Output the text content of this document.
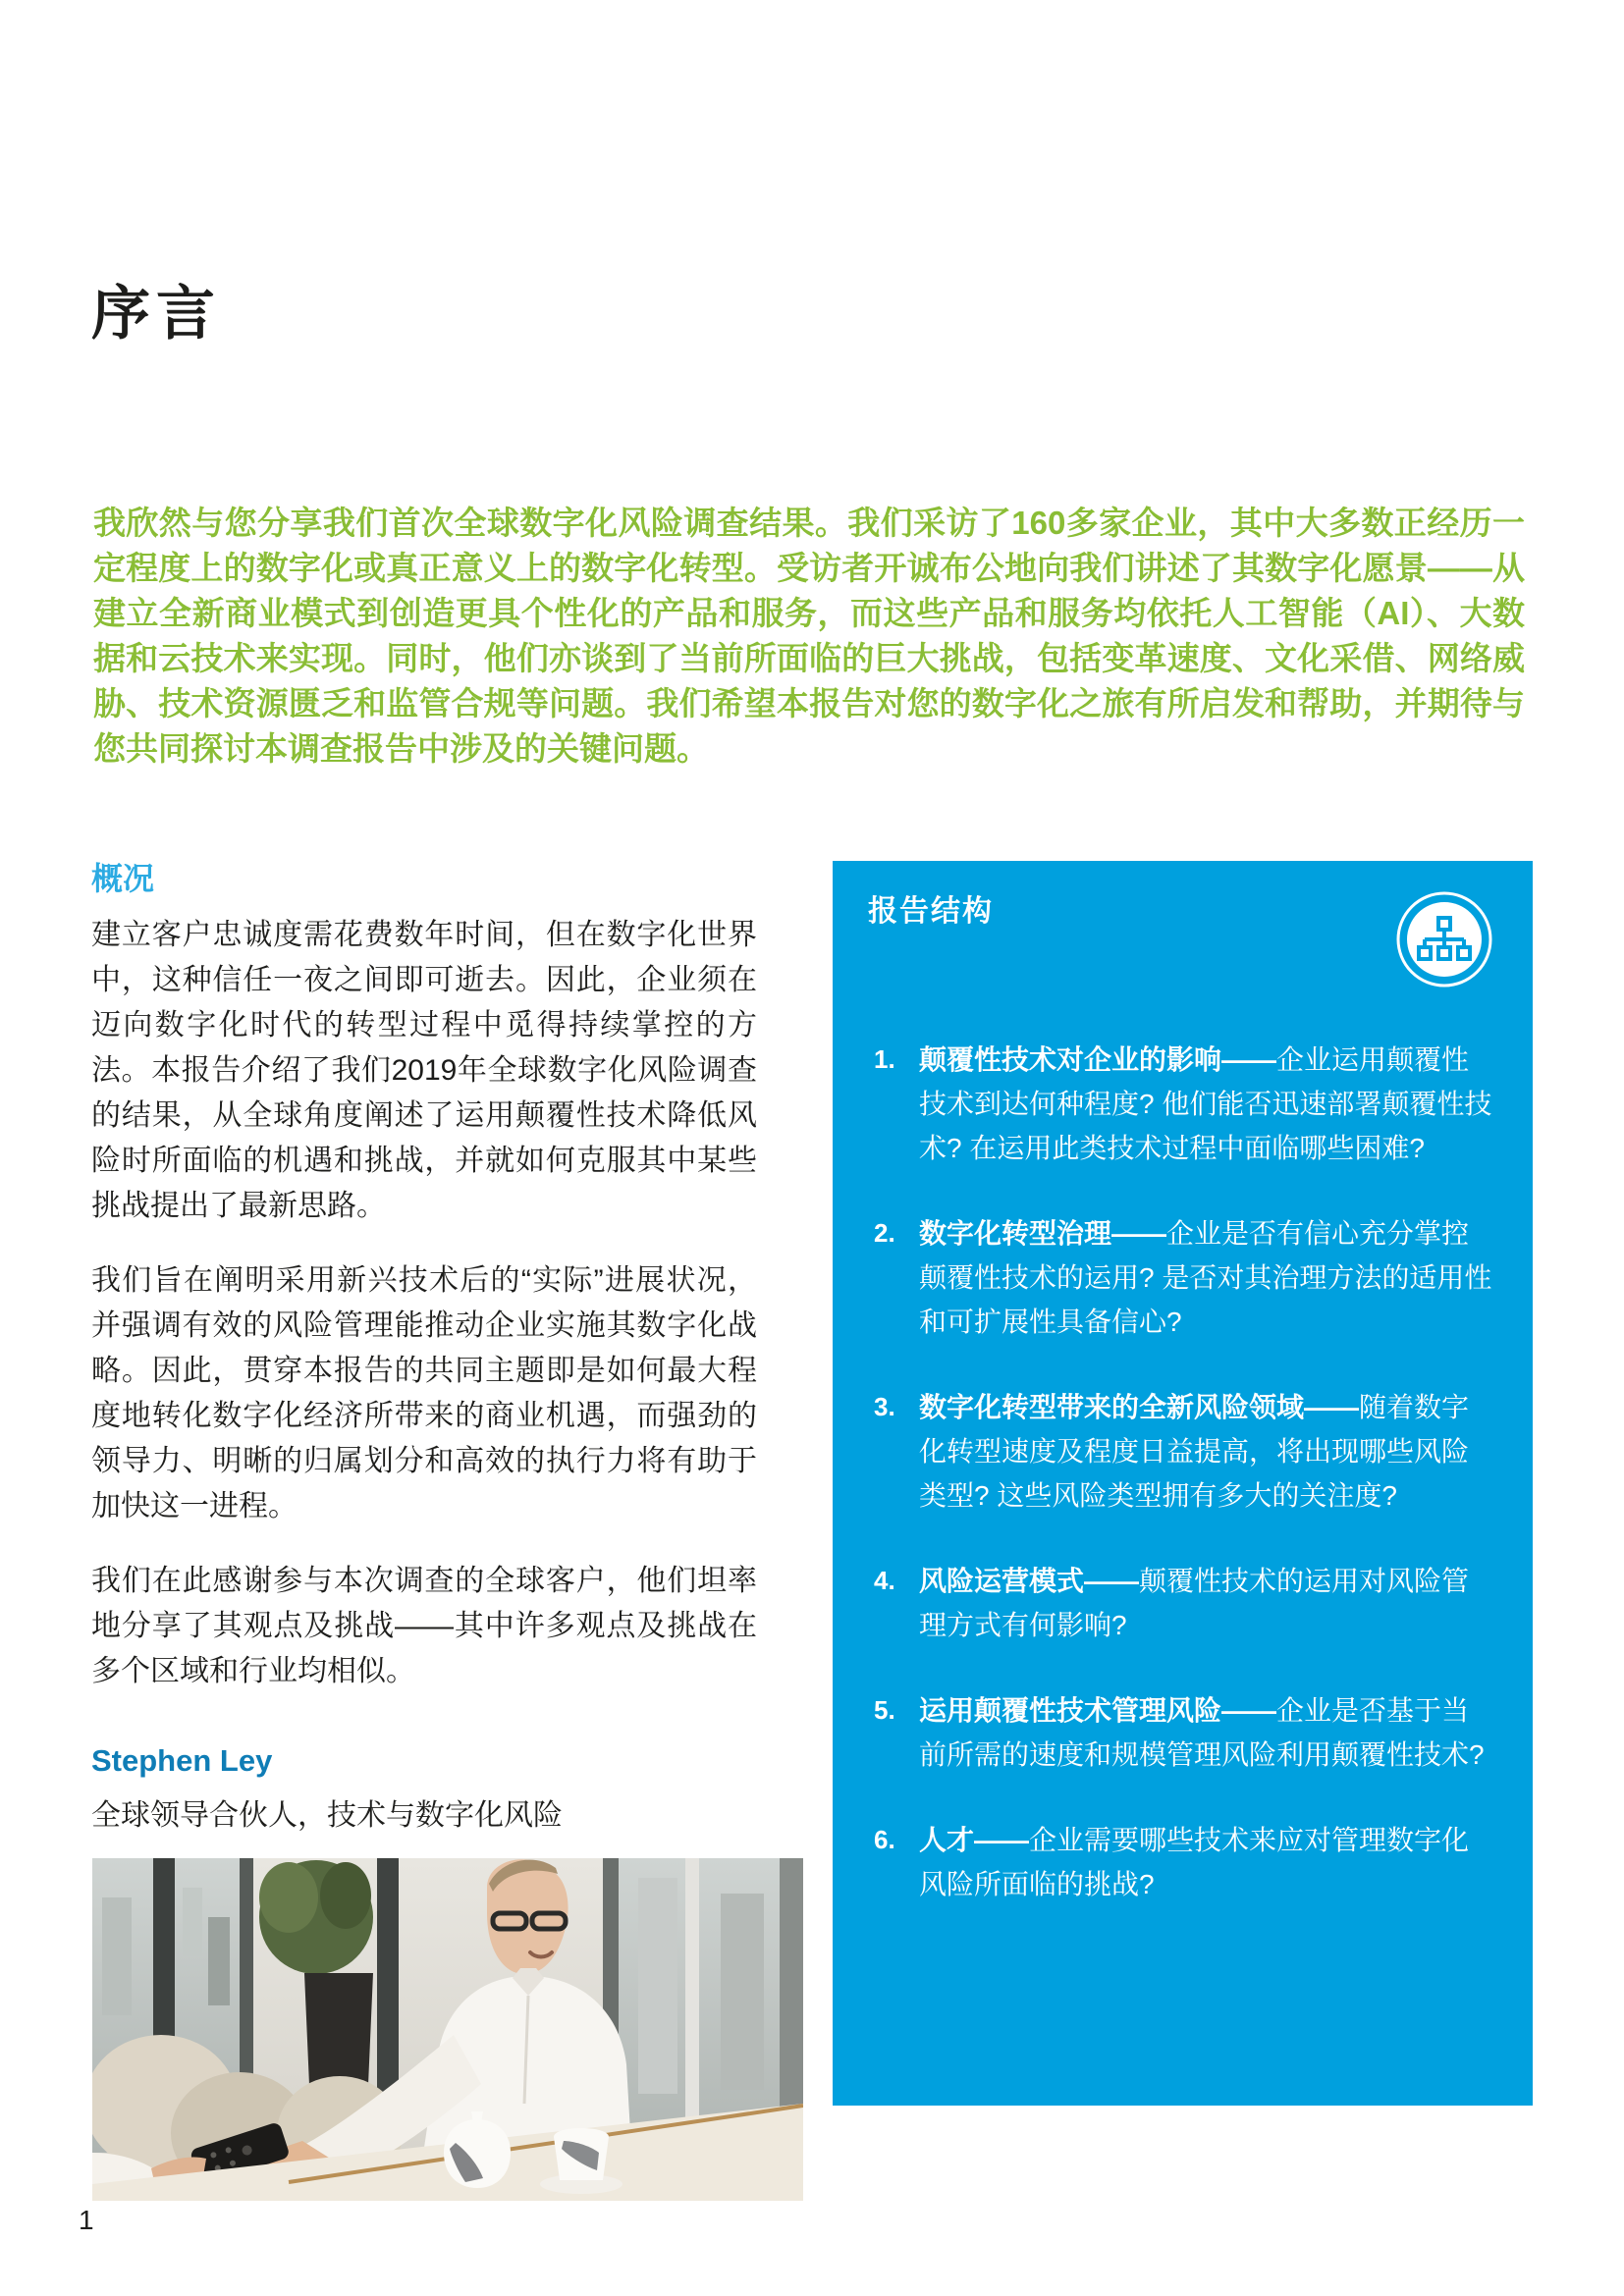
序言

我欣然与您分享我们首次全球数字化风险调查结果。我们采访了160多家企业，其中大多数正经历一定程度上的数字化或真正意义上的数字化转型。受访者开诚布公地向我们讲述了其数字化愿景——从建立全新商业模式到创造更具个性化的产品和服务，而这些产品和服务均依托人工智能（AI）、大数据和云技术来实现。同时，他们亦谈到了当前所面临的巨大挑战，包括变革速度、文化采借、网络威胁、技术资源匮乏和监管合规等问题。我们希望本报告对您的数字化之旅有所启发和帮助，并期待与您共同探讨本调查报告中涉及的关键问题。

概况

建立客户忠诚度需花费数年时间，但在数字化世界中，这种信任一夜之间即可逝去。因此，企业须在迈向数字化时代的转型过程中觅得持续掌控的方法。本报告介绍了我们2019年全球数字化风险调查的结果，从全球角度阐述了运用颠覆性技术降低风险时所面临的机遇和挑战，并就如何克服其中某些挑战提出了最新思路。

我们旨在阐明采用新兴技术后的“实际”进展状况，并强调有效的风险管理能推动企业实施其数字化战略。因此，贯穿本报告的共同主题即是如何最大程度地转化数字化经济所带来的商业机遇，而强劲的领导力、明晰的归属划分和高效的执行力将有助于加快这一进程。

我们在此感谢参与本次调查的全球客户，他们坦率地分享了其观点及挑战——其中许多观点及挑战在多个区域和行业均相似。

Stephen Ley
全球领导合伙人，技术与数字化风险
报告结构
1. 颠覆性技术对企业的影响——企业运用颠覆性技术到达何种程度? 他们能否迅速部署颠覆性技术? 在运用此类技术过程中面临哪些困难?
2. 数字化转型治理——企业是否有信心充分掌控颠覆性技术的运用? 是否对其治理方法的适用性和可扩展性具备信心?
3. 数字化转型带来的全新风险领域——随着数字化转型速度及程度日益提高，将出现哪些风险类型? 这些风险类型拥有多大的关注度?
4. 风险运营模式——颠覆性技术的运用对风险管理方式有何影响?
5. 运用颠覆性技术管理风险——企业是否基于当前所需的速度和规模管理风险利用颠覆性技术?
6. 人才——企业需要哪些技术来应对管理数字化风险所面临的挑战?
1
